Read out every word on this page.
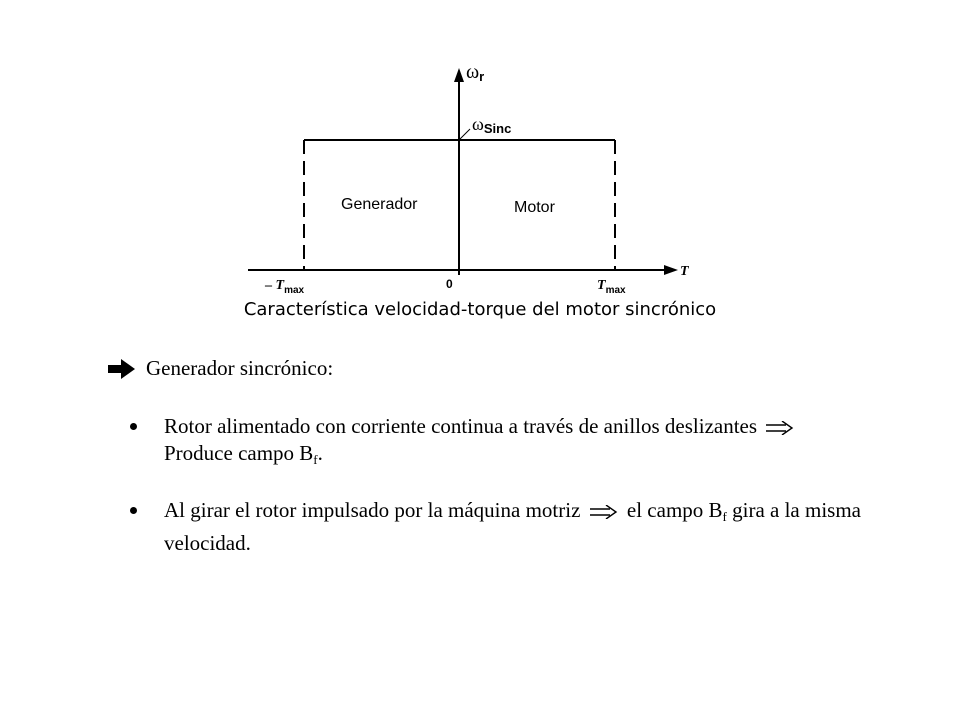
ωr
ωSinc
Generador	Motor
T
0
– $T_{max}$	$T_{max}$
Característica velocidad-torque del motor sincrónico
Generador sincrónico:
Rotor alimentado con corriente continua a través de anillos deslizantes
Produce campo $B_f$.
Al girar el rotor impulsado por la máquina motriz el campo $B_f$ gira a la misma velocidad.
